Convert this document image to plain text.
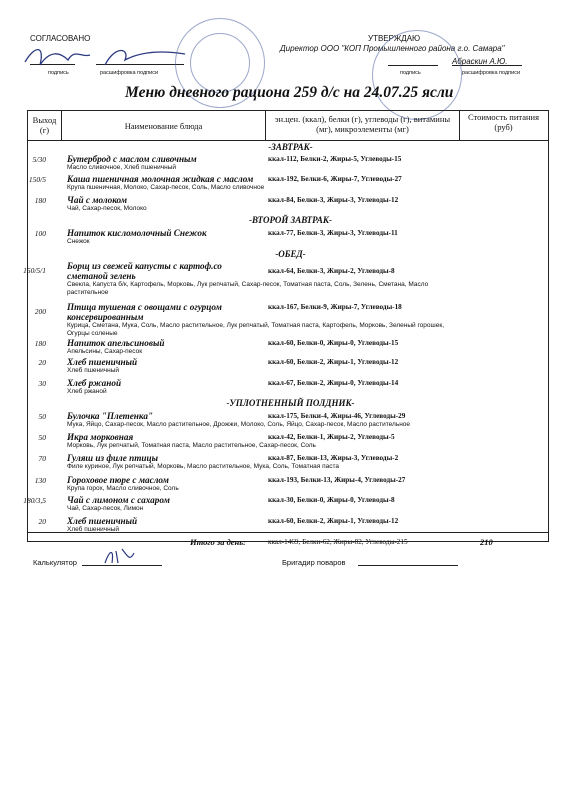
СОГЛАСОВАНО	УТВЕРЖДАЮ
Директор ООО "КОП Промышленного района г.о. Самара"
подпись	расшифровка подписи
Абраскин А.Ю.
подпись	расшифровка подписи
Меню дневного рациона 259 д/с на 24.07.25 ясли
Выход (г)	Наименование блюда
эн.цен. (ккал), белки (г), углеводы (г), витамины (мг), микроэлементы (мг)
Стоимость питания (руб)
-ЗАВТРАК-
5/30 Бутерброд с маслом сливочным	ккал-112, Белки-2, Жиры-5, Углеводы-15
Масло сливочное, Хлеб пшеничный
150/5 Каша пшеничная молочная жидкая с маслом ккал-192, Белки-6, Жиры-7, Углеводы-27
Крупа пшеничная, Молоко, Сахар-песок, Соль, Масло сливочное
180 Чай с молоком	ккал-84, Белки-3, Жиры-3, Углеводы-12
Чай, Сахар-песок, Молоко
-ВТОРОЙ ЗАВТРАК-
100 Напиток кисломолочный Снежок	ккал-77, Белки-3, Жиры-3, Углеводы-11
Снежок
-ОБЕД-
150/5/1 Борщ из свежей капусты с картоф.со сметаной зелень	ккал-64, Белки-3, Жиры-2, Углеводы-8
Свекла, Капуста б/к, Картофель, Морковь, Лук репчатый, Сахар-песок, Томатная паста, Соль, Зелень, Сметана, Масло растительное
200 Птица тушеная с овощами с огурцом консервированным
ккал-167, Белки-9, Жиры-7, Углеводы-18
Курица, Сметана, Мука, Соль, Масло растительное, Лук репчатый, Томатная паста, Картофель, Морковь, Зеленый горошек, Огурцы соленые
180 Напиток апельсиновый	ккал-60, Белки-0, Жиры-0, Углеводы-15
Апельсины, Сахар-песок
20 Хлеб пшеничный	ккал-60, Белки-2, Жиры-1, Углеводы-12
Хлеб пшеничный
30 Хлеб ржаной	ккал-67, Белки-2, Жиры-0, Углеводы-14
Хлеб ржаной
-УПЛОТНЕННЫЙ ПОЛДНИК-
50 Булочка "Плетенка"	ккал-175, Белки-4, Жиры-46, Углеводы-29
Мука, Яйцо, Сахар-песок, Масло растительное, Дрожжи, Молоко, Соль, Яйцо, Сахар-песок, Масло растительное
50 Икра морковная	ккал-42, Белки-1, Жиры-2, Углеводы-5
Морковь, Лук репчатый, Томатная паста, Масло растительное, Сахар-песок, Соль
70 Гуляш из филе птицы	ккал-87, Белки-13, Жиры-3, Углеводы-2
Филе куриное, Лук репчатый, Морковь, Масло растительное, Мука, Соль, Томатная паста
130 Гороховое пюре с маслом	ккал-193, Белки-13, Жиры-4, Углеводы-27
Крупа горох, Масло сливочное, Соль
180/3,5 Чай с лимоном с сахаром	ккал-30, Белки-0, Жиры-0, Углеводы-8
Чай, Сахар-песок, Лимон
20 Хлеб пшеничный	ккал-60, Белки-2, Жиры-1, Углеводы-12
Хлеб пшеничный
Итого за день:	ккал-1469, Белки-62, Жиры-82, Углеводы-215	210
Калькулятор	Бригадир поваров
